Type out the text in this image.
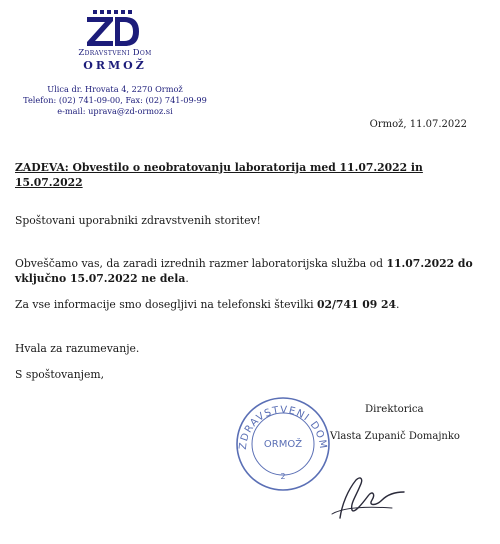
Zdravstveni Dom
ORMOŽ
Ulica dr. Hrovata 4, 2270 Ormož
Telefon: (02) 741-09-00, Fax: (02) 741-09-99
e-mail: uprava@zd-ormoz.si
Ormož, 11.07.2022
ZADEVA: Obvestilo o neobratovanju laboratorija med 11.07.2022 in 15.07.2022
Spoštovani uporabniki zdravstvenih storitev!
Obveščamo vas, da zaradi izrednih razmer laboratorijska služba od 11.07.2022 do vključno 15.07.2022 ne dela.
Za vse informacije smo dosegljivi na telefonski številki 02/741 09 24.
Hvala za razumevanje.
S spoštovanjem,
ZDRAVSTVENI DOM
ORMOŽ
2
Direktorica
Vlasta Zupanič Domajnko
